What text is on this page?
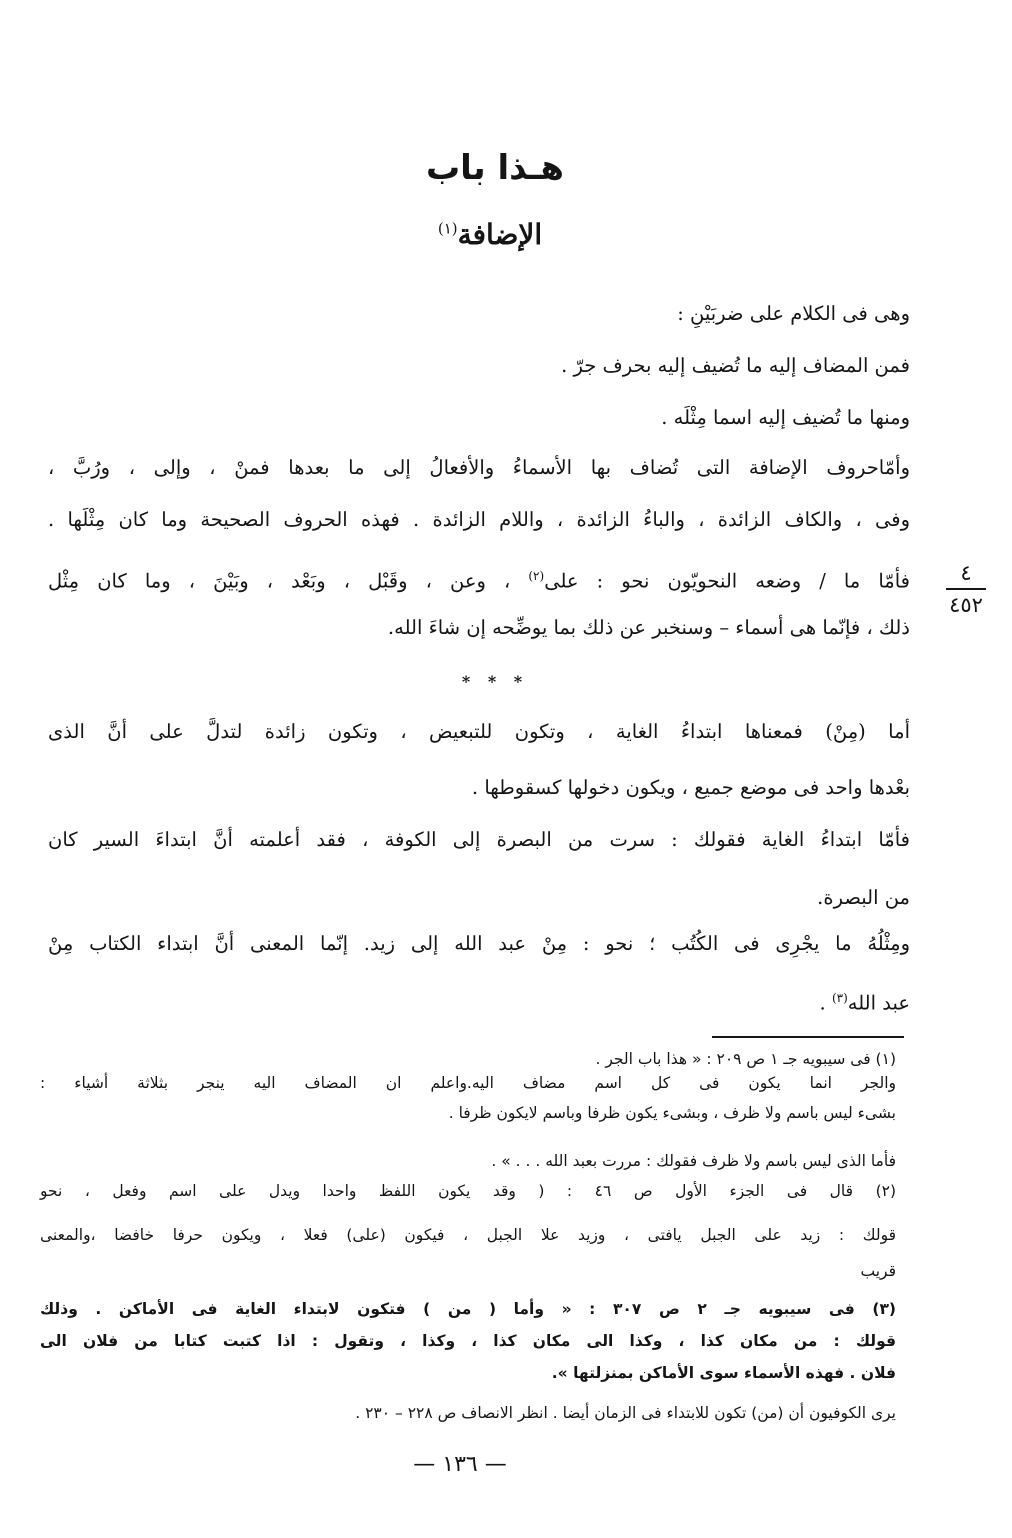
هـذا باب
الإضافة$^{(١)}$
وهى فى الكلام على ضربَيْنِ :
فمن المضاف إليه ما تُضيف إليه بحرف جرّ .
ومنها ما تُضيف إليه اسما مِثْلَه .
وأمّاحروف الإضافة التى تُضاف بها الأسماءُ والأفعالُ إلى ما بعدها فمنْ ، وإلى ، ورُبَّ ،
وفى ، والكاف الزائدة ، والباءُ الزائدة ، واللام الزائدة . فهذه الحروف الصحيحة وما كان مِثْلَها .
فأمّا ما / وضعه النحويّون نحو : على$^{(٢)}$ ، وعن ، وقَبْل ، وبَعْد ، وبَيْنَ ، وما كان مِثْل
ذلك ، فإنّما هى أسماء – وسنخبر عن ذلك بما يوضِّحه إن شاءَ الله.
٤
٤٥٢
* * *
أما (مِنْ) فمعناها ابتداءُ الغاية ، وتكون للتبعيض ، وتكون زائدة لتدلَّ على أنَّ الذى
بعْدها واحد فى موضع جميع ، ويكون دخولها كسقوطها .
فأمّا ابتداءُ الغاية فقولك : سرت من البصرة إلى الكوفة ، فقد أعلمته أنَّ ابتداءَ السير كان
من البصرة.
ومِثْلُهُ ما يجْرِى فى الكُتُب ؛ نحو : مِنْ عبد الله إلى زيد. إنّما المعنى أنَّ ابتداء الكتاب مِنْ
عبد الله$^{(٣)}$ .
(١) فى سيبويه جـ ١ ص ٢٠٩ : « هذا باب الجر .
والجر انما يكون فى كل اسم مضاف اليه.واعلم ان المضاف اليه ينجر بثلاثة أشياء :
بشىء ليس باسم ولا ظرف ، وبشىء يكون ظرفا وباسم لايكون ظرفا .
فأما الذى ليس باسم ولا ظرف فقولك : مررت بعبد الله . . . » .
(٢) قال فى الجزء الأول ص ٤٦ : ( وقد يكون اللفظ واحدا ويدل على اسم وفعل ، نحو
قولك : زيد على الجبل يافتى ، وزيد علا الجبل ، فيكون (على) فعلا ، ويكون حرفا خافضا ،والمعنى
قريب
(٣) فى سيبويه جـ ٢ ص ٣٠٧ : « وأما ( من ) فتكون لابتداء الغاية فى الأماكن . وذلك
قولك : من مكان كذا ، وكذا الى مكان كذا ، وكذا ، وتقول : اذا كتبت كتابا من فلان الى
فلان . فهذه الأسماء سوى الأماكن بمنزلتها ».
يرى الكوفيون أن (من) تكون للابتداء فى الزمان أيضا . انظر الانصاف ص ٢٢٨ – ٢٣٠ .
— ١٣٦ —
